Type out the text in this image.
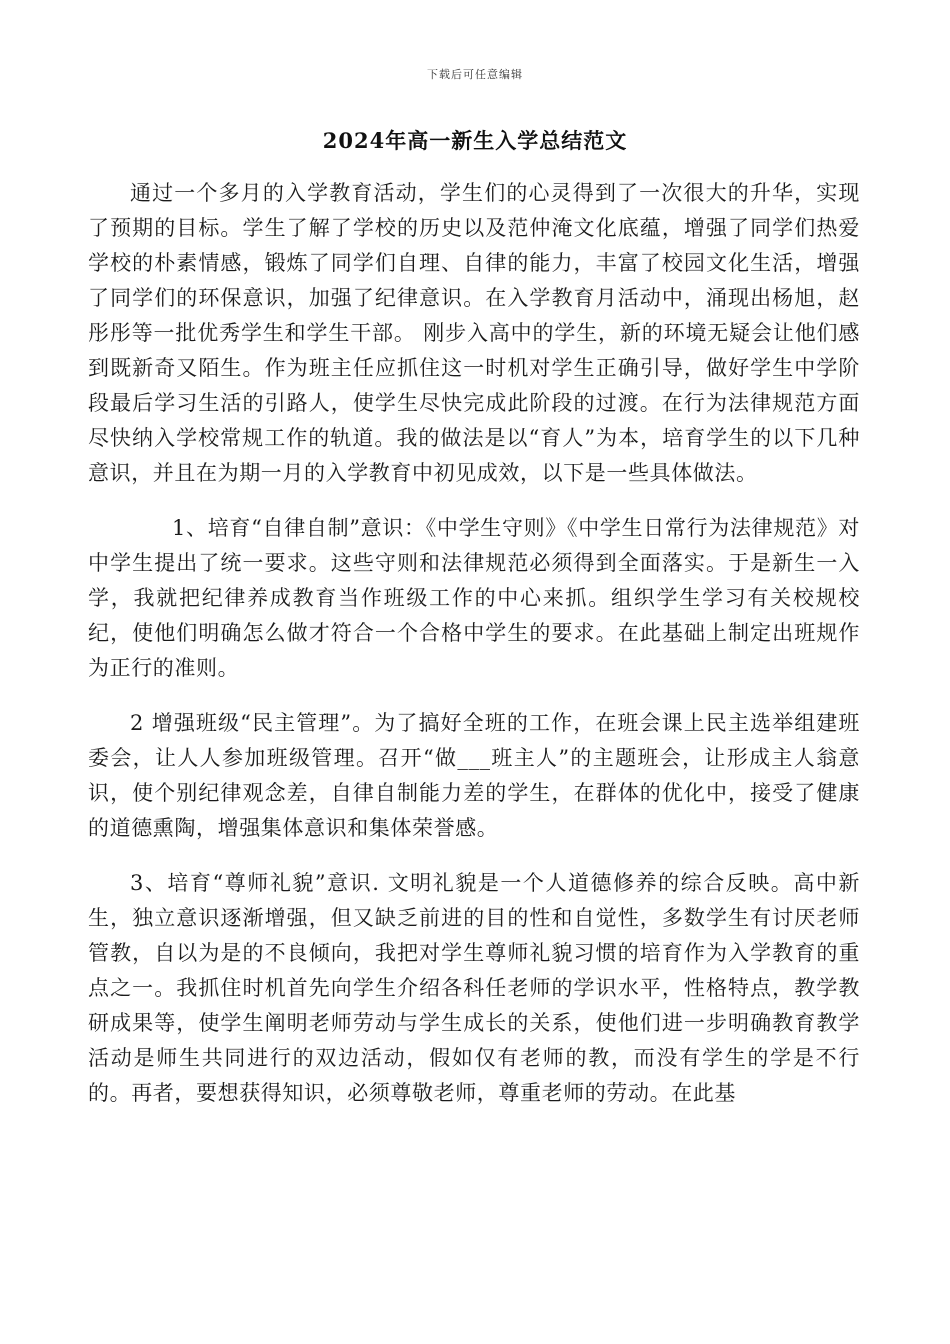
下载后可任意编辑
2024年高一新生入学总结范文

通过一个多月的入学教育活动，学生们的心灵得到了一次很大的升华，实现了预期的目标。学生了解了学校的历史以及范仲淹文化底蕴，增强了同学们热爱学校的朴素情感，锻炼了同学们自理、自律的能力，丰富了校园文化生活，增强了同学们的环保意识，加强了纪律意识。在入学教育月活动中，涌现出杨旭，赵彤彤等一批优秀学生和学生干部。 刚步入高中的学生，新的环境无疑会让他们感到既新奇又陌生。作为班主任应抓住这一时机对学生正确引导，做好学生中学阶段最后学习生活的引路人，使学生尽快完成此阶段的过渡。在行为法律规范方面尽快纳入学校常规工作的轨道。我的做法是以“育人”为本，培育学生的以下几种意识，并且在为期一月的入学教育中初见成效，以下是一些具体做法。

1、培育“自律自制”意识：《中学生守则》《中学生日常行为法律规范》对中学生提出了统一要求。这些守则和法律规范必须得到全面落实。于是新生一入学，我就把纪律养成教育当作班级工作的中心来抓。组织学生学习有关校规校纪，使他们明确怎么做才符合一个合格中学生的要求。在此基础上制定出班规作为正行的准则。

2 增强班级“民主管理”。为了搞好全班的工作，在班会课上民主选举组建班委会，让人人参加班级管理。召开“做___班主人”的主题班会，让形成主人翁意识，使个别纪律观念差，自律自制能力差的学生，在群体的优化中，接受了健康的道德熏陶，增强集体意识和集体荣誉感。

3、培育“尊师礼貌”意识. 文明礼貌是一个人道德修养的综合反映。高中新生，独立意识逐渐增强，但又缺乏前进的目的性和自觉性，多数学生有讨厌老师管教，自以为是的不良倾向，我把对学生尊师礼貌习惯的培育作为入学教育的重点之一。我抓住时机首先向学生介绍各科任老师的学识水平，性格特点，教学教研成果等，使学生阐明老师劳动与学生成长的关系，使他们进一步明确教育教学活动是师生共同进行的双边活动，假如仅有老师的教，而没有学生的学是不行的。再者，要想获得知识，必须尊敬老师，尊重老师的劳动。在此基
